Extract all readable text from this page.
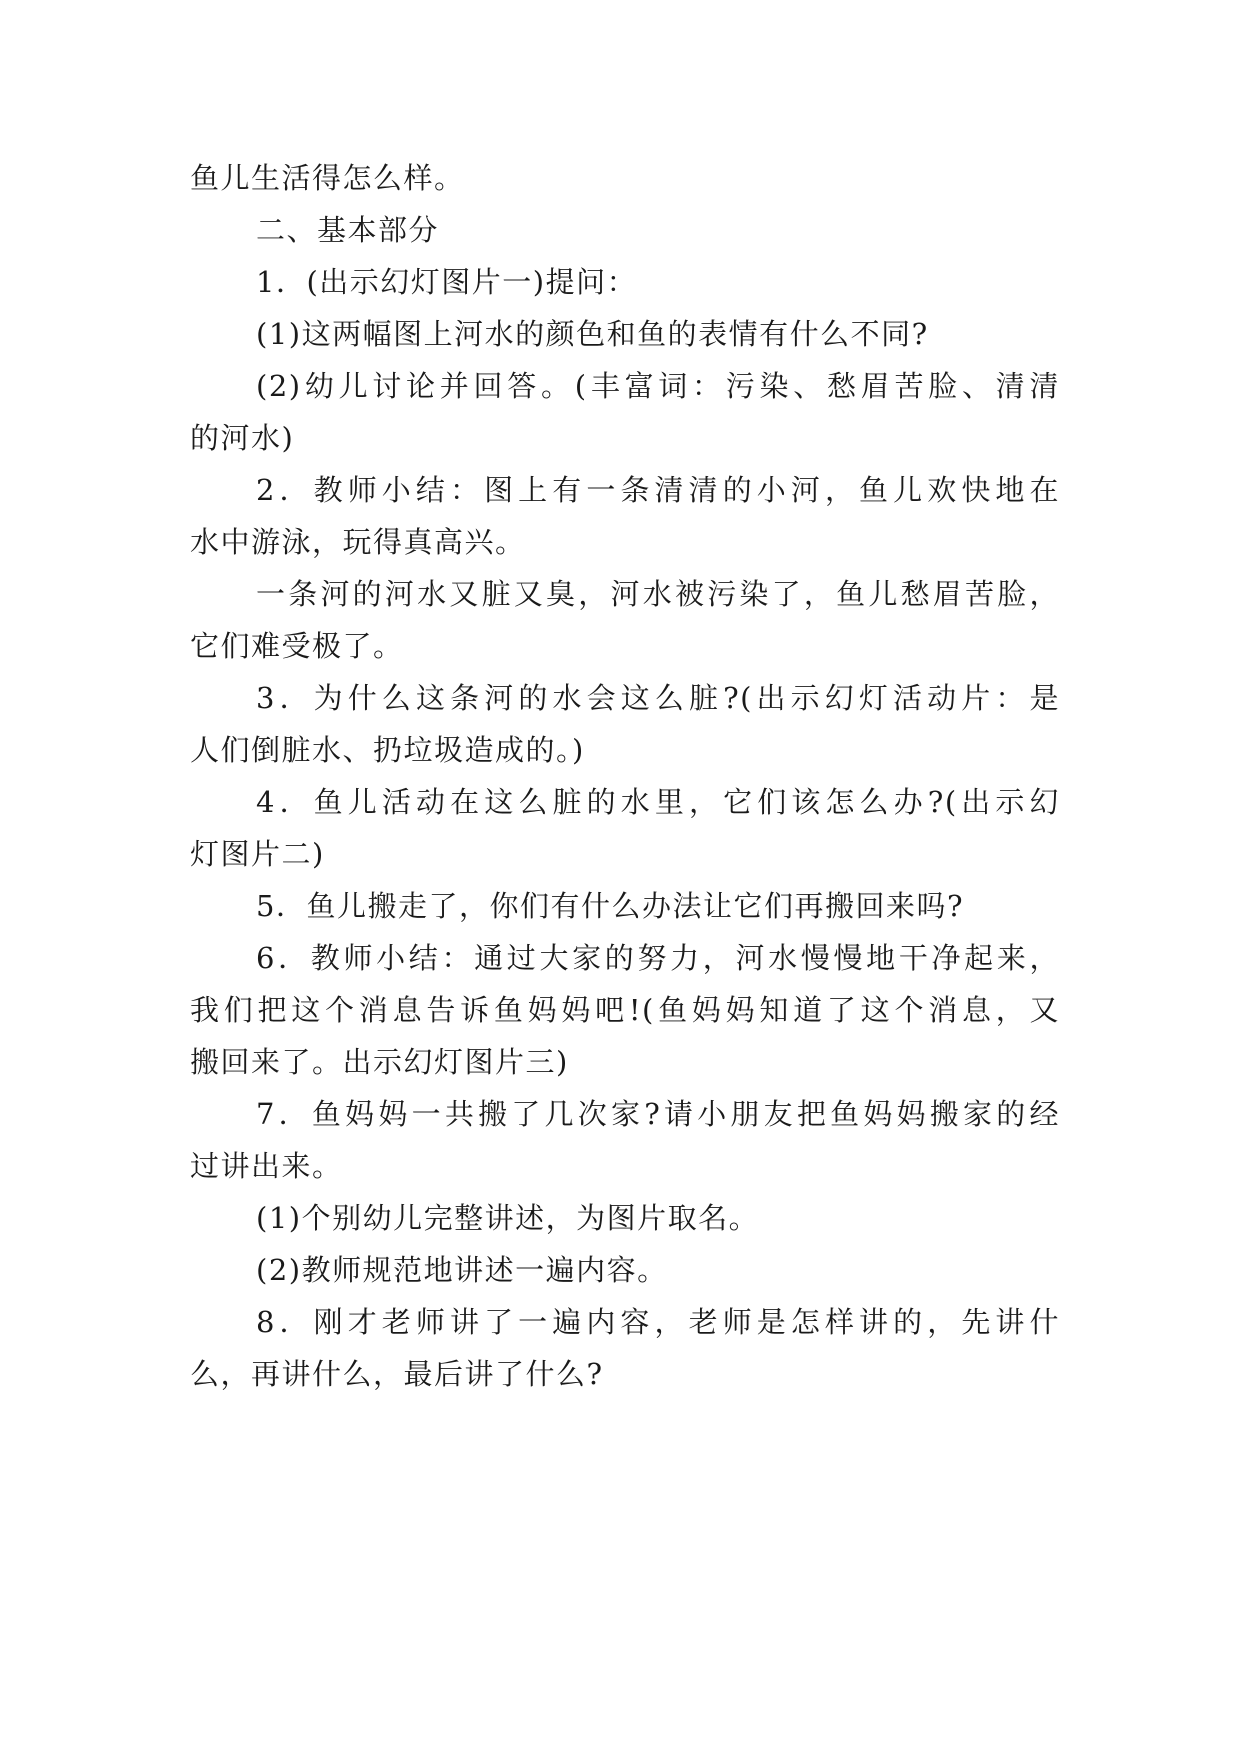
鱼儿生活得怎么样。
二、基本部分
1．(出示幻灯图片一)提问：
(1)这两幅图上河水的颜色和鱼的表情有什么不同?
(2)幼儿讨论并回答。(丰富词：污染、愁眉苦脸、清清
的河水)
2．教师小结：图上有一条清清的小河，鱼儿欢快地在
水中游泳，玩得真高兴。
一条河的河水又脏又臭，河水被污染了，鱼儿愁眉苦脸，
它们难受极了。
3．为什么这条河的水会这么脏?(出示幻灯活动片：是
人们倒脏水、扔垃圾造成的。)
4．鱼儿活动在这么脏的水里，它们该怎么办?(出示幻
灯图片二)
5．鱼儿搬走了，你们有什么办法让它们再搬回来吗?
6．教师小结：通过大家的努力，河水慢慢地干净起来，
我们把这个消息告诉鱼妈妈吧!(鱼妈妈知道了这个消息，又
搬回来了。出示幻灯图片三)
7．鱼妈妈一共搬了几次家?请小朋友把鱼妈妈搬家的经
过讲出来。
(1)个别幼儿完整讲述，为图片取名。
(2)教师规范地讲述一遍内容。
8．刚才老师讲了一遍内容，老师是怎样讲的，先讲什
么，再讲什么，最后讲了什么?
